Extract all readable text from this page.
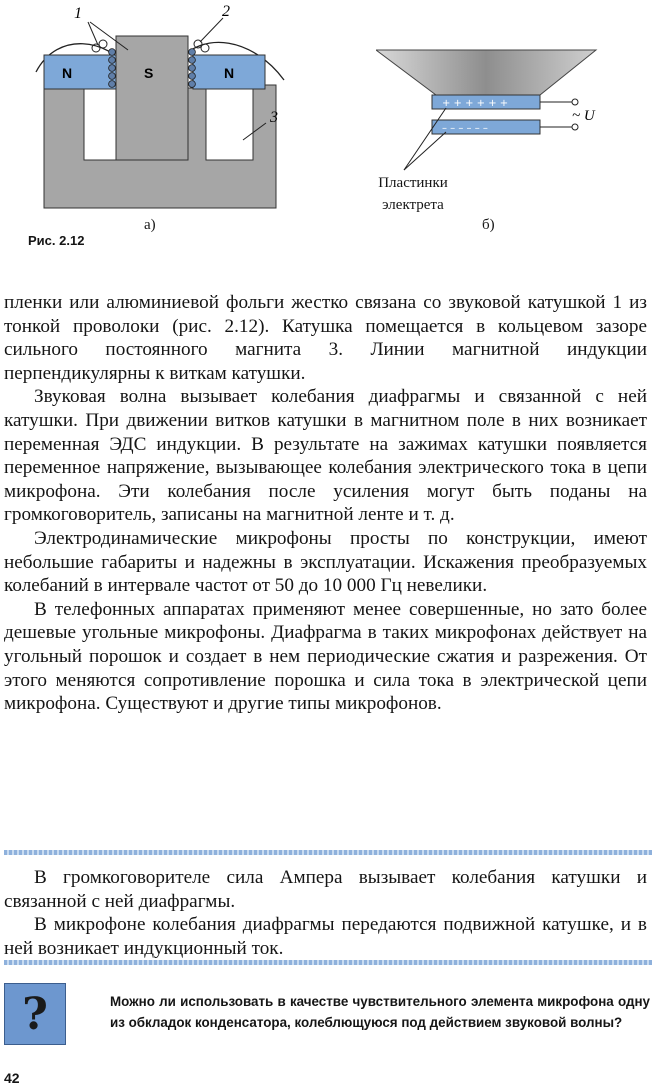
1	2
3
N	S	N
+ + + + + +
– – – – – –
~ U
Пластинки
электрета
а)	б)
Рис. 2.12

пленки или алюминиевой фольги жестко связана со звуковой катушкой 1 из тонкой проволоки (рис. 2.12). Катушка помещается в кольцевом зазоре сильного постоянного магнита 3. Линии магнитной индукции перпендикулярны к виткам катушки.

Звуковая волна вызывает колебания диафрагмы и связанной с ней катушки. При движении витков катушки в магнитном поле в них возникает переменная ЭДС индукции. В результате на зажимах катушки появляется переменное напряжение, вызывающее колебания электрического тока в цепи микрофона. Эти колебания после усиления могут быть поданы на громкоговоритель, записаны на магнитной ленте и т. д.

Электродинамические микрофоны просты по конструкции, имеют небольшие габариты и надежны в эксплуатации. Искажения преобразуемых колебаний в интервале частот от 50 до 10 000 Гц невелики.

В телефонных аппаратах применяют менее совершенные, но зато более дешевые угольные микрофоны. Диафрагма в таких микрофонах действует на угольный порошок и создает в нем периодические сжатия и разрежения. От этого меняются сопротивление порошка и сила тока в электрической цепи микрофона. Существуют и другие типы микрофонов.

В громкоговорителе сила Ампера вызывает колебания катушки и связанной с ней диафрагмы.

В микрофоне колебания диафрагмы передаются подвижной катушке, и в ней возникает индукционный ток.

?	Можно ли использовать в качестве чувствительного элемента микрофона одну из обкладок конденсатора, колеблющуюся под действием звуковой волны?
42
